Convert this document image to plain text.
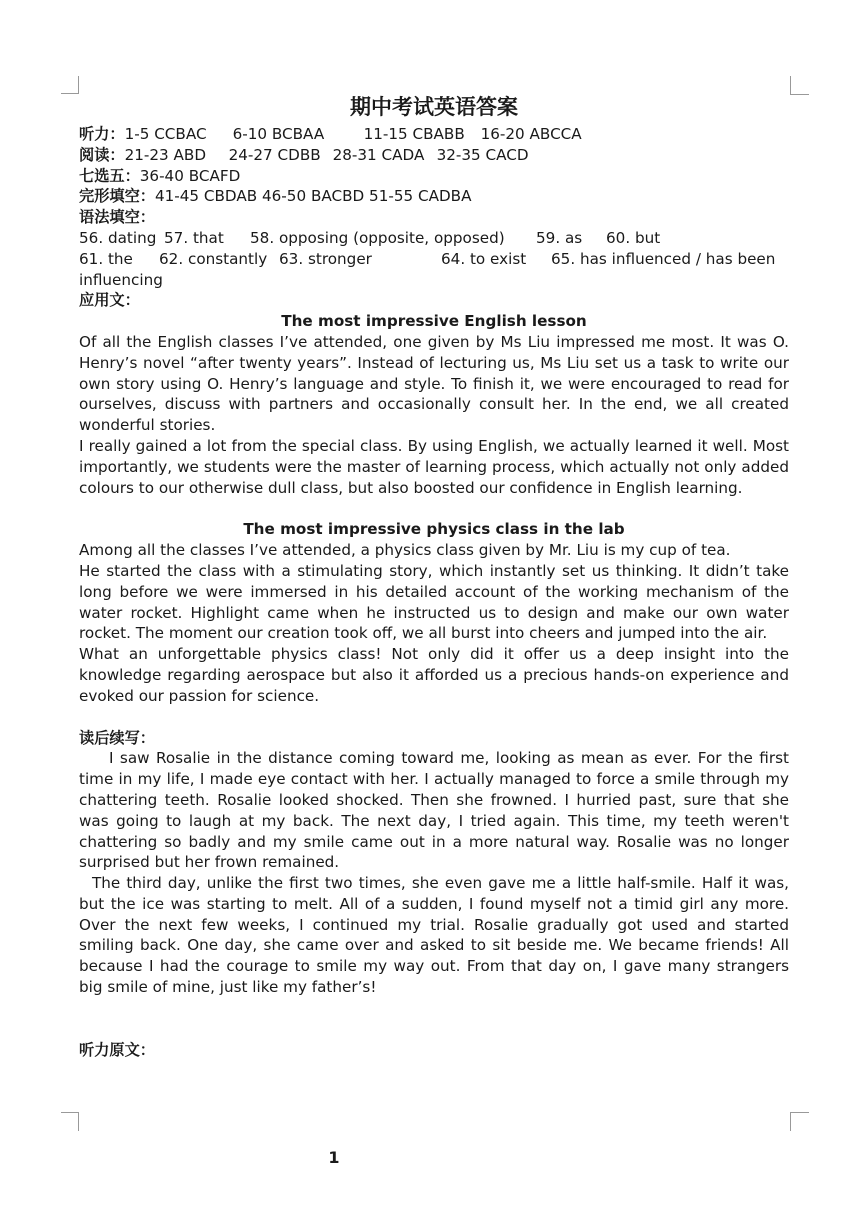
期中考试英语答案
听力：1-5 CCBAC 6-10 BCBAA	11-15 CBABB 16-20 ABCCA
阅读：21-23 ABD 24-27 CDBB 28-31 CADA 32-35 CACD
七选五：36-40 BCAFD
完形填空：41-45 CBDAB 46-50 BACBD 51-55 CADBA
语法填空：
56. dating 57. that 58. opposing (opposite, opposed) 59. as 60. but
61. the 62. constantly 63. stronger	64. to exist 65. has influenced / has been
influencing
应用文：
The most impressive English lesson

Of all the English classes I’ve attended, one given by Ms Liu impressed me most. It was O. Henry’s novel “after twenty years”. Instead of lecturing us, Ms Liu set us a task to write our own story using O. Henry’s language and style. To finish it, we were encouraged to read for ourselves, discuss with partners and occasionally consult her. In the end, we all created wonderful stories.

I really gained a lot from the special class. By using English, we actually learned it well. Most importantly, we students were the master of learning process, which actually not only added colours to our otherwise dull class, but also boosted our confidence in English learning.

The most impressive physics class in the lab

Among all the classes I’ve attended, a physics class given by Mr. Liu is my cup of tea.

He started the class with a stimulating story, which instantly set us thinking. It didn’t take long before we were immersed in his detailed account of the working mechanism of the water rocket. Highlight came when he instructed us to design and make our own water rocket. The moment our creation took off, we all burst into cheers and jumped into the air.

What an unforgettable physics class! Not only did it offer us a deep insight into the knowledge regarding aerospace but also it afforded us a precious hands-on experience and evoked our passion for science.

读后续写：

I saw Rosalie in the distance coming toward me, looking as mean as ever. For the first time in my life, I made eye contact with her. I actually managed to force a smile through my chattering teeth. Rosalie looked shocked. Then she frowned. I hurried past, sure that she was going to laugh at my back. The next day, I tried again. This time, my teeth weren't chattering so badly and my smile came out in a more natural way. Rosalie was no longer surprised but her frown remained.

The third day, unlike the first two times, she even gave me a little half-smile. Half it was, but the ice was starting to melt. All of a sudden, I found myself not a timid girl any more. Over the next few weeks, I continued my trial. Rosalie gradually got used and started smiling back. One day, she came over and asked to sit beside me. We became friends! All because I had the courage to smile my way out. From that day on, I gave many strangers big smile of mine, just like my father’s!

听力原文：
1
